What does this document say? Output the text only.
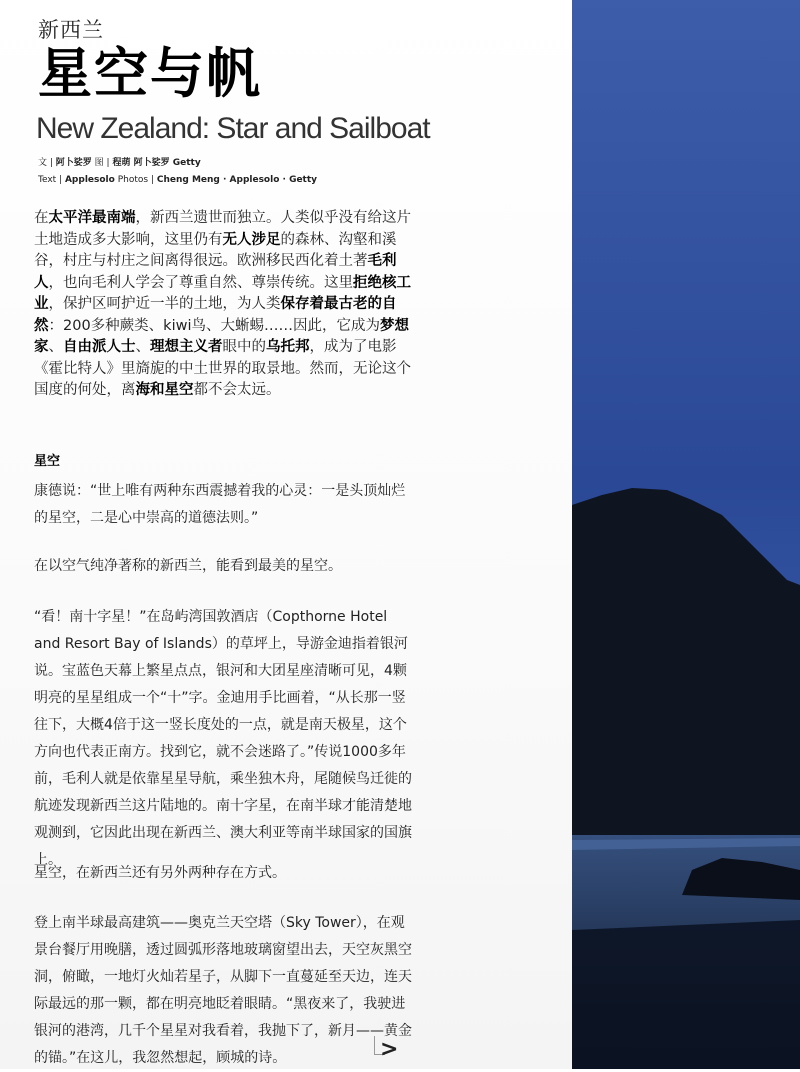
新西兰
星空与帆
New Zealand: Star and Sailboat
文 | 阿卜娑罗 图 | 程萌 阿卜娑罗 Getty
Text | Applesolo Photos | Cheng Meng · Applesolo · Getty
在太平洋最南端，新西兰遗世而独立。人类似乎没有给这片土地造成多大影响，这里仍有无人涉足的森林、沟壑和溪谷，村庄与村庄之间离得很远。欧洲移民西化着土著毛利人，也向毛利人学会了尊重自然、尊崇传统。这里拒绝核工业，保护区呵护近一半的土地，为人类保存着最古老的自然：200多种蕨类、kiwi鸟、大蜥蜴……因此，它成为梦想家、自由派人士、理想主义者眼中的乌托邦，成为了电影《霍比特人》里旖旎的中土世界的取景地。然而，无论这个国度的何处，离海和星空都不会太远。
星空

康德说：“世上唯有两种东西震撼着我的心灵：一是头顶灿烂的星空，二是心中崇高的道德法则。”

在以空气纯净著称的新西兰，能看到最美的星空。

“看！南十字星！”在岛屿湾国敦酒店（Copthorne Hotel and Resort Bay of Islands）的草坪上，导游金迪指着银河说。宝蓝色天幕上繁星点点，银河和大团星座清晰可见，4颗明亮的星星组成一个“十”字。金迪用手比画着，“从长那一竖往下，大概4倍于这一竖长度处的一点，就是南天极星，这个方向也代表正南方。找到它，就不会迷路了。”传说1000多年前，毛利人就是依靠星星导航，乘坐独木舟，尾随候鸟迁徙的航迹发现新西兰这片陆地的。南十字星，在南半球才能清楚地观测到，它因此出现在新西兰、澳大利亚等南半球国家的国旗上。

星空，在新西兰还有另外两种存在方式。

登上南半球最高建筑——奥克兰天空塔（Sky Tower），在观景台餐厅用晚膳，透过圆弧形落地玻璃窗望出去，天空灰黑空洞，俯瞰，一地灯火灿若星子，从脚下一直蔓延至天边，连天际最远的那一颗，都在明亮地眨着眼睛。“黑夜来了，我驶进银河的港湾，几千个星星对我看着，我抛下了，新月——黄金的锚。”在这儿，我忽然想起，顾城的诗。	>
